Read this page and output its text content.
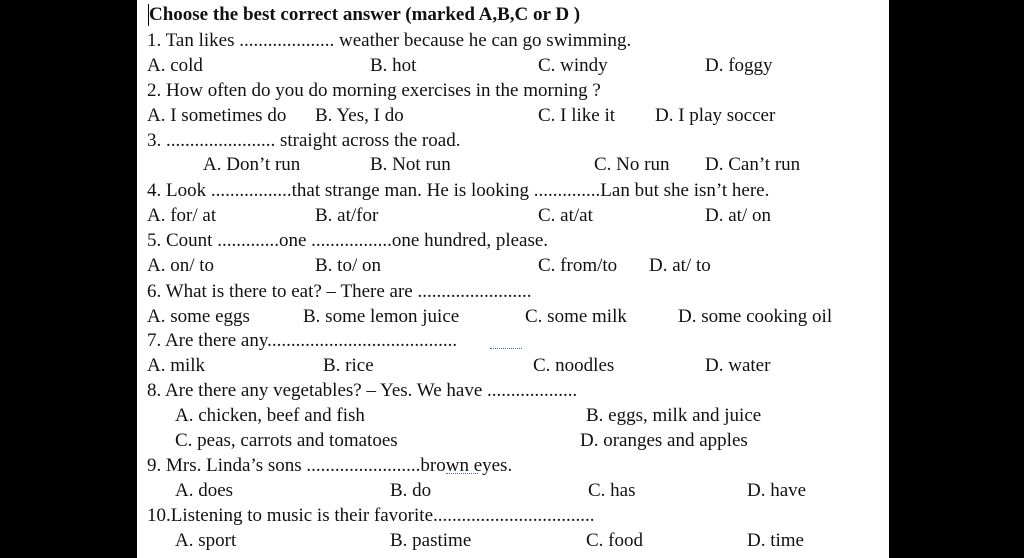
Choose the best correct answer (marked A,B,C or D )
1. Tan likes .................... weather because he can go swimming.
A. cold	B. hot	C. windy	D. foggy
2. How often do you do morning exercises in the morning ?
A. I sometimes do B. Yes, I do	C. I like it D. I play soccer
3. ....................... straight across the road.
A. Don’t run	B. Not run	C. No run D. Can’t run
4. Look .................that strange man. He is looking ..............Lan but she isn’t here.
A. for/ at	B. at/for	C. at/at	D. at/ on
5. Count .............one .................one hundred, please.
A. on/ to	B. to/ on	C. from/to D. at/ to
6. What is there to eat? – There are ........................
A. some eggs	B. some lemon juice	C. some milk	D. some cooking oil
7. Are there any........................................
A. milk	B. rice	C. noodles	D. water
8. Are there any vegetables? – Yes. We have ...................
A. chicken, beef and fish	B. eggs, milk and juice
C. peas, carrots and tomatoes	D. oranges and apples
9. Mrs. Linda’s sons ........................brown eyes.
A. does	B. do	C. has	D. have
10.Listening to music is their favorite..................................
A. sport	B. pastime	C. food	D. time
